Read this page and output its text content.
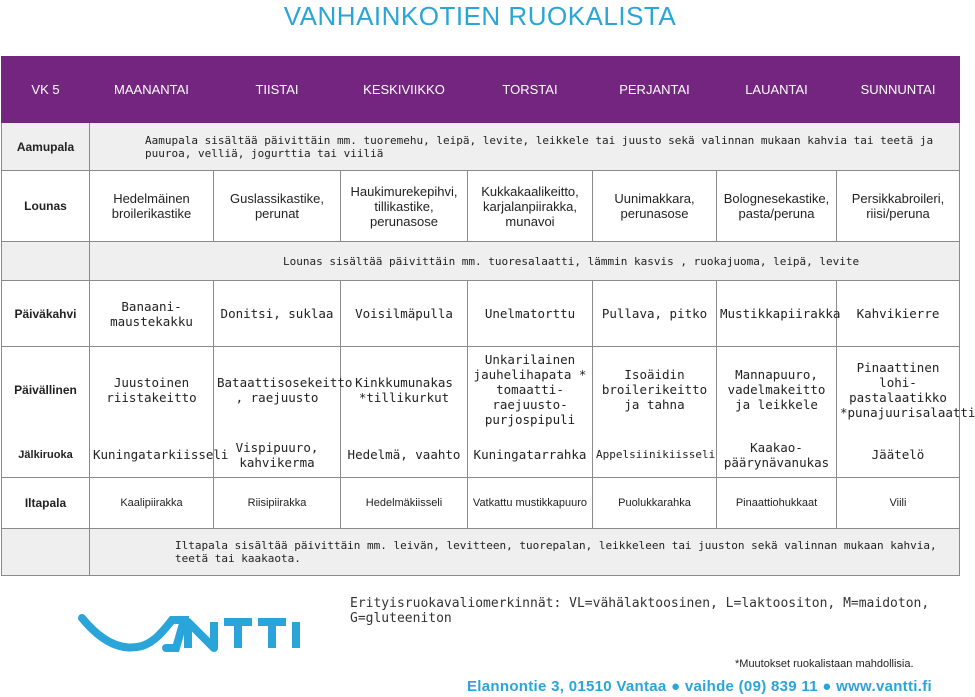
VANHAINKOTIEN RUOKALISTA
VK 5	MAANANTAI	TIISTAI	KESKIVIIKKO	TORSTAI	PERJANTAI	LAUANTAI	SUNNUNTAI
Aamupala	Aamupala sisältää päivittäin mm. tuoremehu, leipä, levite, leikkele tai juusto sekä valinnan mukaan kahvia tai teetä ja puuroa, velliä, jogurttia tai viiliä						
Lounas	Hedelmäinen broilerikastike	Guslassikastike, perunat	Haukimurekepihvi, tillikastike, perunasose	Kukkakaalikeitto, karjalanpiirakka, munavoi	Uunimakkara, perunasose	Bolognesekastike, pasta/peruna	Persikkabroileri, riisi/peruna
	Lounas sisältää päivittäin mm. tuoresalaatti, lämmin kasvis , ruokajuoma, leipä, levite						
Päiväkahvi	Banaani-maustekakku	Donitsi, suklaa	Voisilmäpulla	Unelmatorttu	Pullava, pitko	Mustikkapiirakka	Kahvikierre
Päivällinen	Juustoinen riistakeitto	Bataattisosekeitto , raejuusto	Kinkkumunakas *tillikurkut	Unkarilainen jauhelihapata * tomaatti-raejuusto-purjospipuli	Isoäidin broilerikeitto ja tahna	Mannapuuro, vadelmakeitto ja leikkele	Pinaattinen lohi-pastalaatikko *punajuurisalaatti
Jälkiruoka	Kuningatarkiisseli	Vispipuuro, kahvikerma	Hedelmä, vaahto	Kuningatarrahka	Appelsiinikiisseli	Kaakao-päärynävanukas	Jäätelö
Iltapala	Kaalipiirakka	Riisipiirakka	Hedelmäkiisseli	Vatkattu mustikkapuuro	Puolukkarahka	Pinaattiohukkaat	Viili
	Iltapala sisältää päivittäin mm. leivän, levitteen, tuorepalan, leikkeleen tai juuston sekä valinnan mukaan kahvia, teetä tai kaakaota.						
Erityisruokavaliomerkinnät: VL=vähälaktoosinen, L=laktoositon, M=maidoton, G=gluteeniton
*Muutokset ruokalistaan mahdollisia.
Elannontie 3, 01510 Vantaa ● vaihde (09) 839 11 ● www.vantti.fi
